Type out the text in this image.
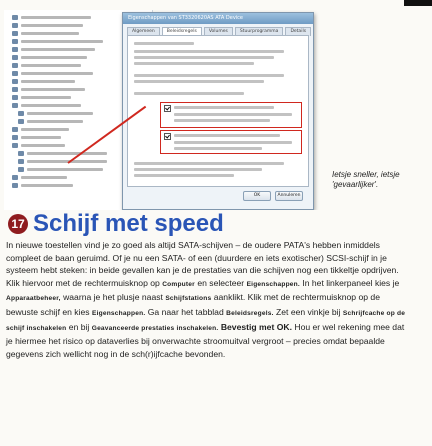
Eigenschappen van ST3320620AS ATA Device
Algemeen	Beleidsregels	Volumes	Stuurprogramma	Details
OK	Annuleren
Ietsje sneller, ietsje 'gevaarlijker'.
17 Schijf met speed
In nieuwe toestellen vind je zo goed als altijd SATA-schijven – de oudere PATA's hebben inmiddels compleet de baan geruimd. Of je nu een SATA- of een (duurdere en iets exotischer) SCSI-schijf in je systeem hebt steken: in beide gevallen kan je de prestaties van die schijven nog een tikkeltje opdrijven. Klik hiervoor met de rechtermuisknop op Computer en selecteer Eigenschappen. In het linkerpaneel kies je Apparaatbeheer, waarna je het plusje naast Schijfstations aanklikt. Klik met de rechtermuisknop op de bewuste schijf en kies Eigenschappen. Ga naar het tabblad Beleidsregels. Zet een vinkje bij Schrijfcache op de schijf inschakelen en bij Geavanceerde prestaties inschakelen. Bevestig met OK. Hou er wel rekening mee dat je hiermee het risico op dataverlies bij onverwachte stroomuitval vergroot – precies omdat bepaalde gegevens zich wellicht nog in de sch(r)ijfcache bevonden.
